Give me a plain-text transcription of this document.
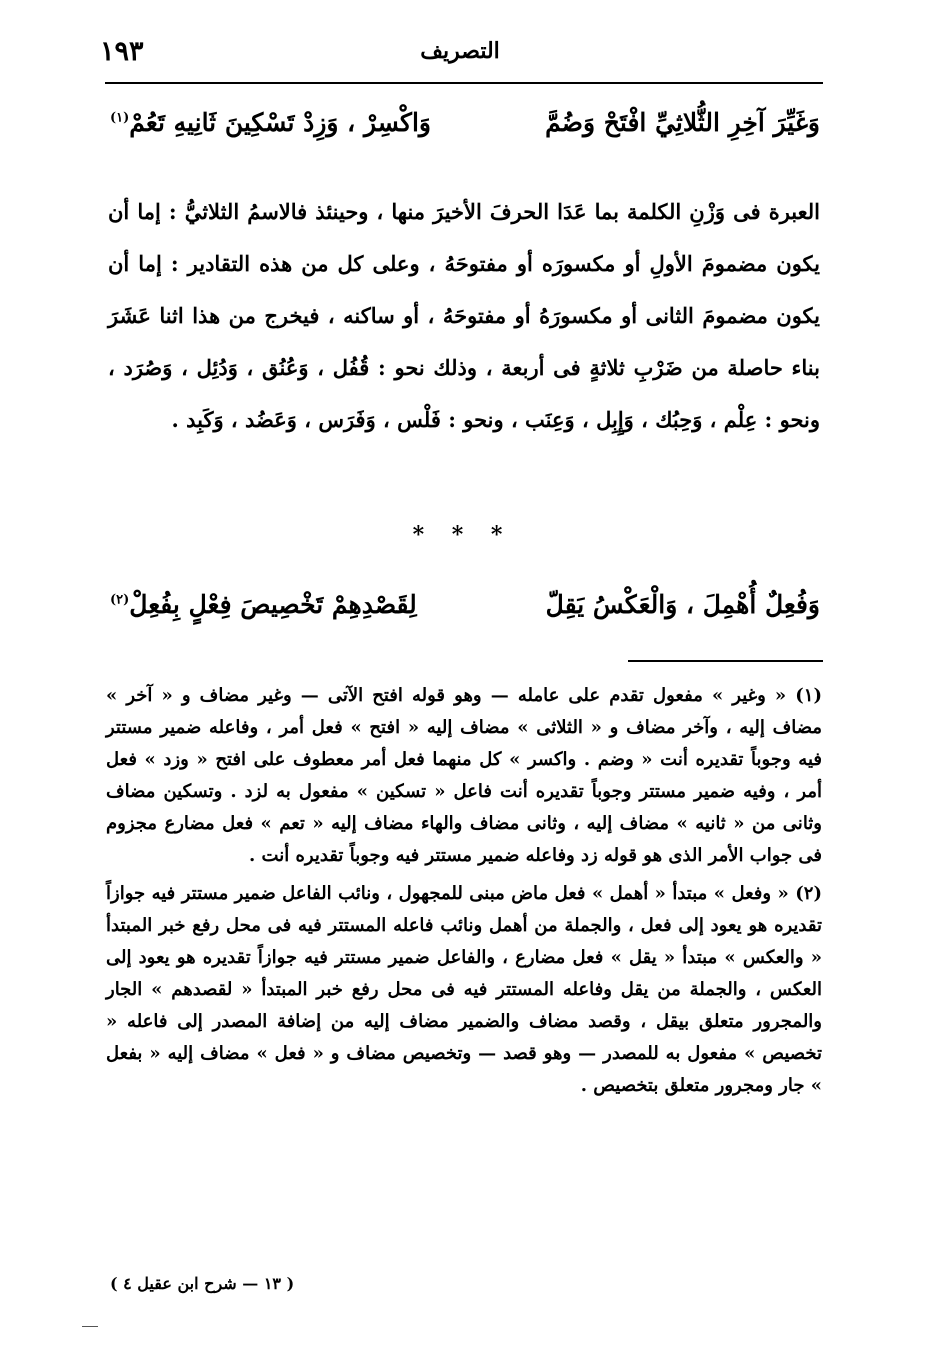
١٩٣	التصريف
وَغَيِّرَ آخِرِ الثُّلاثِيِّ افْتَحْ وَضُمَّ
وَاكْسِرْ ، وَزِدْ تَسْكِينَ ثَانِيهِ تَعُمْ$^{(١)}$
العبرة فى وَزْنِ الكلمة بما عَدَا الحرفَ الأخيرَ منها ، وحينئذ فالاسمُ الثلاثيُّ : إما أن يكون مضمومَ الأولِ أو مكسورَه أو مفتوحَهُ ، وعلى كل من هذه التقادير : إما أن يكون مضمومَ الثانى أو مكسورَهُ أو مفتوحَهُ ، أو ساكنه ، فيخرج من هذا اثنا عَشَرَ بناء حاصلة من ضَرْبِ ثلاثةٍ فى أربعة ، وذلك نحو : قُفُل ، وَعُنُق ، وَدُئِل ، وَصُرَد ، ونحو : عِلْم ، وَحِبُك ، وَإِبِل ، وَعِنَب ، ونحو : فَلْس ، وَفَرَس ، وَعَضُد ، وَكَبِد .
* * *
وَفُعِلٌ أُهْمِلَ ، وَالْعَكْسُ يَقِلّ
لِقَصْدِهِمْ تَخْصِيصَ فِعْلٍ بِفُعِلْ$^{(٢)}$

(١) « وغير » مفعول تقدم على عامله — وهو قوله افتح الآتى — وغير مضاف و « آخر » مضاف إليه ، وآخر مضاف و « الثلاثى » مضاف إليه « افتح » فعل أمر ، وفاعله ضمير مستتر فيه وجوباً تقديره أنت « وضم . واكسر » كل منهما فعل أمر معطوف على افتح « وزد » فعل أمر ، وفيه ضمير مستتر وجوباً تقديره أنت فاعل « تسكين » مفعول به لزد . وتسكين مضاف وثانى من « ثانيه » مضاف إليه ، وثانى مضاف والهاء مضاف إليه « تعم » فعل مضارع مجزوم فى جواب الأمر الذى هو قوله زد وفاعله ضمير مستتر فيه وجوباً تقديره أنت .

(٢) « وفعل » مبتدأ « أهمل » فعل ماض مبنى للمجهول ، ونائب الفاعل ضمير مستتر فيه جوازاً تقديره هو يعود إلى فعل ، والجملة من أهمل ونائب فاعله المستتر فيه فى محل رفع خبر المبتدأ « والعكس » مبتدأ « يقل » فعل مضارع ، والفاعل ضمير مستتر فيه جوازاً تقديره هو يعود إلى العكس ، والجملة من يقل وفاعله المستتر فيه فى محل رفع خبر المبتدأ « لقصدهم » الجار والمجرور متعلق بيقل ، وقصد مضاف والضمير مضاف إليه من إضافة المصدر إلى فاعله « تخصيص » مفعول به للمصدر — وهو قصد — وتخصيص مضاف و « فعل » مضاف إليه « بفعل » جار ومجرور متعلق بتخصيص .

( ١٣ — شرح ابن عقيل ٤ )
